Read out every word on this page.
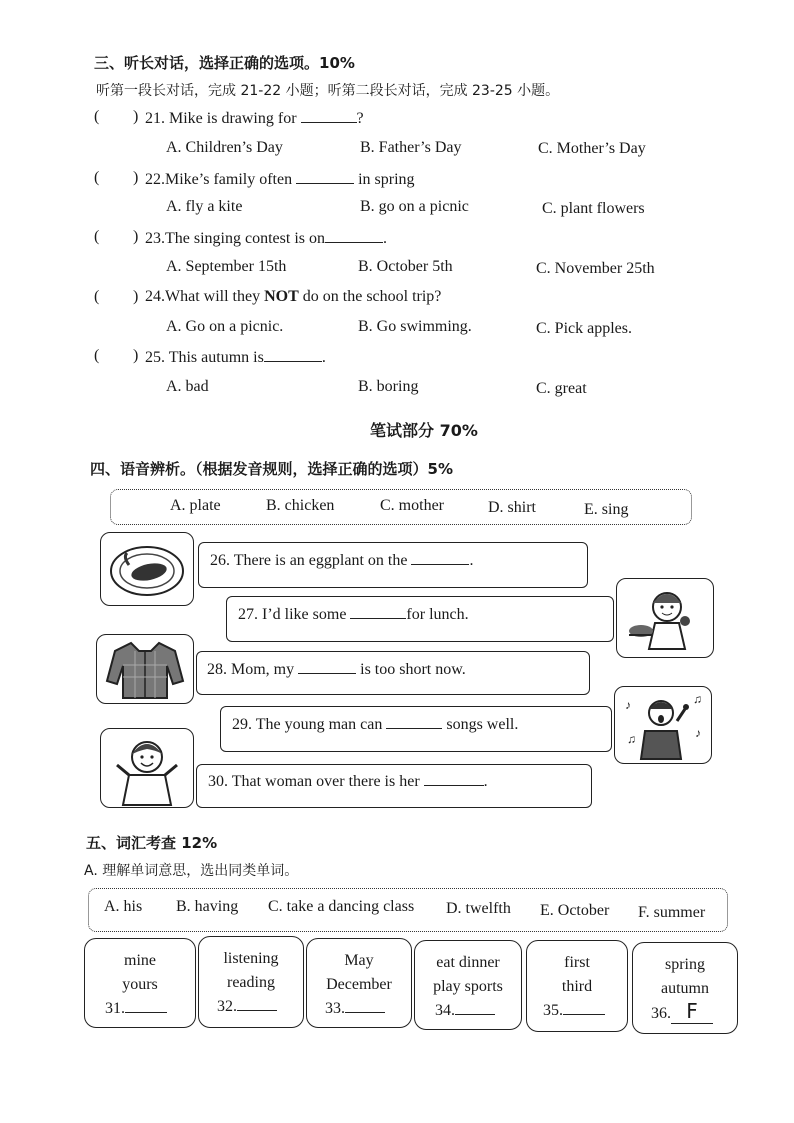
三、听长对话，选择正确的选项。10%
听第一段长对话，完成 21-22 小题；听第二段长对话，完成 23-25 小题。
( ) 21. Mike is drawing for	?
A. Children’s Day	B. Father’s Day	C. Mother’s Day
( ) 22.Mike’s family often	in spring
A. fly a kite	B. go on a picnic	C. plant flowers
( ) 23.The singing contest is on	.
A. September 15th	B. October 5th	C. November 25th
( ) 24.What will they NOT do on the school trip?
A. Go on a picnic.	B. Go swimming.	C. Pick apples.
( ) 25. This autumn is	.
A. bad	B. boring	C. great
笔试部分 70%
四、语音辨析。（根据发音规则，选择正确的选项）5%
A. plate	B. chicken	C. mother	D. shirt	E. sing
26. There is an eggplant on the	.
27. I’d like some	for lunch.
28. Mom, my	is too short now.
29. The young man can	songs well.
♪	♫
♫	♪
30. That woman over there is her	.
五、词汇考查 12%
A. 理解单词意思，选出同类单词。
A. his B. having C. take a dancing class D. twelfth E. October F. summer
mine
yours
31.
listening
reading
32.
May
December
33.
eat dinner
play sports
34.
first
third
35.
spring
autumn
36. F
